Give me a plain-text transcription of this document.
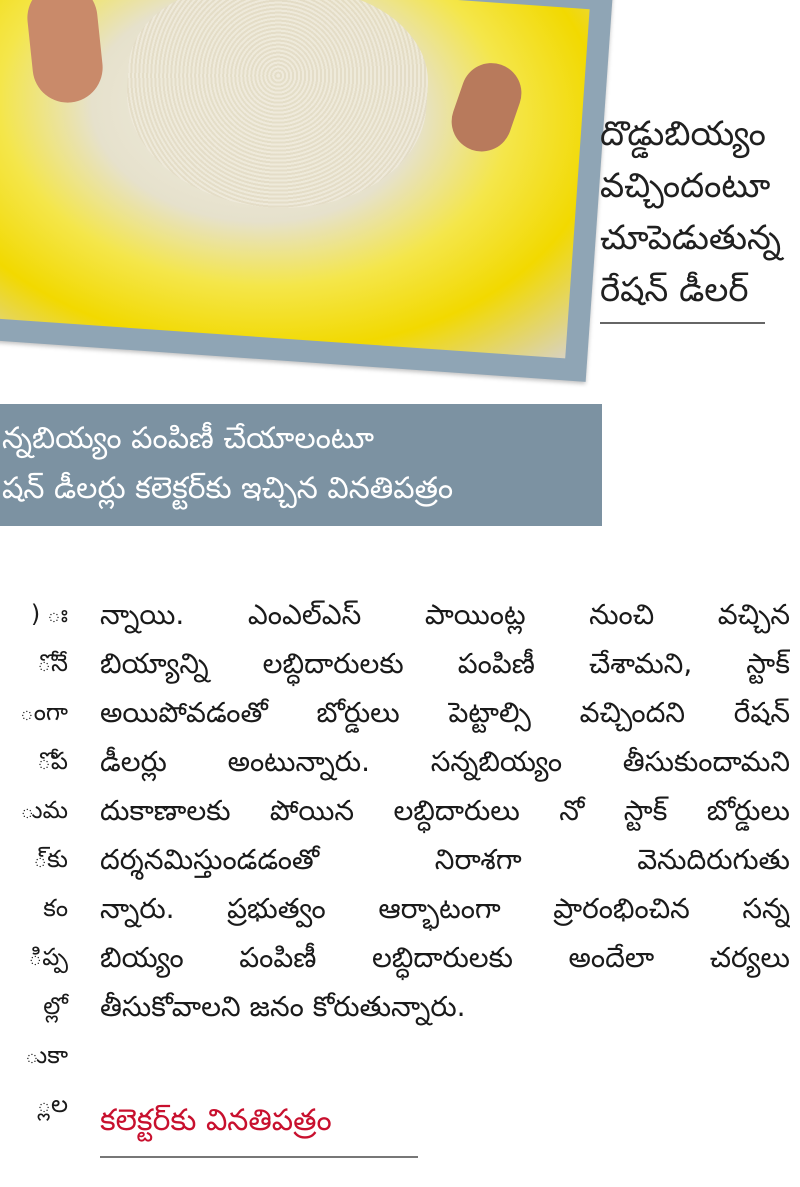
దొడ్డుబియ్యం
వచ్చిందంటూ
చూపెడుతున్న
రేషన్ డీలర్
న్నబియ్యం పంపిణీ చేయాలంటూ
షన్ డీలర్లు కలెక్టర్‌కు ఇచ్చిన వినతిపత్రం
) ః
ోనే
ంగా
ోప
ుమ
్‌కు
కం
ిప్ప
ల్లో
ుకా
్లల
న్నాయి. ఎంఎల్ఎస్ పాయింట్ల నుంచి వచ్చిన
బియ్యాన్ని లబ్ధిదారులకు పంపిణీ చేశామని, స్టాక్
అయిపోవడంతో బోర్డులు పెట్టాల్సి వచ్చిందని రేషన్
డీలర్లు అంటున్నారు. సన్నబియ్యం తీసుకుందామని
దుకాణాలకు పోయిన లబ్ధిదారులు నో స్టాక్ బోర్డులు
దర్శనమిస్తుండడంతో నిరాశగా వెనుదిరుగుతు
న్నారు. ప్రభుత్వం ఆర్భాటంగా ప్రారంభించిన సన్న
బియ్యం పంపిణీ లబ్ధిదారులకు అందేలా చర్యలు
తీసుకోవాలని జనం కోరుతున్నారు.
కలెక్టర్‌కు వినతిపత్రం
